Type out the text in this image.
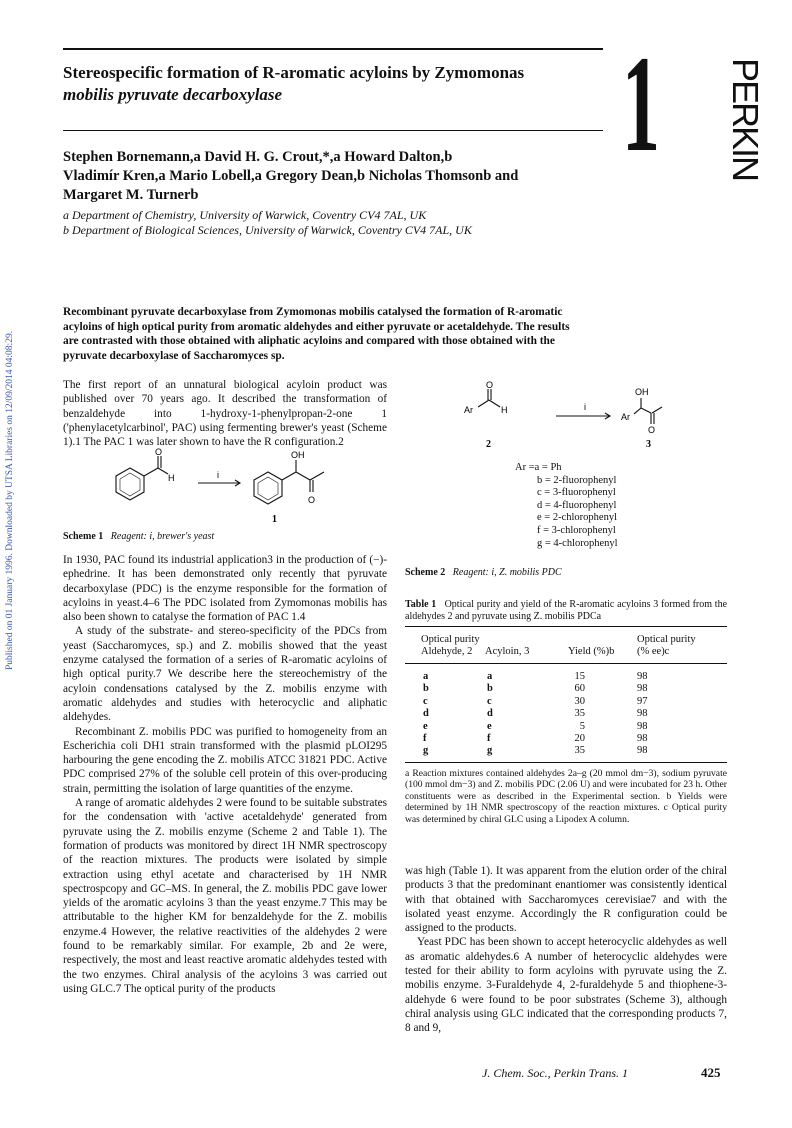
Published on 01 January 1996. Downloaded by UTSA Libraries on 12/09/2014 04:08:29.
Stereospecific formation of R-aromatic acyloins by Zymomonas
mobilis pyruvate decarboxylase	1 PERKIN
Stephen Bornemann,a David H. G. Crout,*,a Howard Dalton,b
Vladimír Kren,a Mario Lobell,a Gregory Dean,b Nicholas Thomsonb and
Margaret M. Turnerb
a Department of Chemistry, University of Warwick, Coventry CV4 7AL, UK
b Department of Biological Sciences, University of Warwick, Coventry CV4 7AL, UK
Recombinant pyruvate decarboxylase from Zymomonas mobilis catalysed the formation of R-aromatic
acyloins of high optical purity from aromatic aldehydes and either pyruvate or acetaldehyde. The results
are contrasted with those obtained with aliphatic acyloins and compared with those obtained with the
pyruvate decarboxylase of Saccharomyces sp.

The first report of an unnatural biological acyloin product was published over 70 years ago. It described the transformation of benzaldehyde into 1-hydroxy-1-phenylpropan-2-one 1 ('phenylacetylcarbinol', PAC) using fermenting brewer's yeast (Scheme 1).1 The PAC 1 was later shown to have the R configuration.2

O
H	i
OH
O
1
Scheme 1 Reagent: i, brewer's yeast

In 1930, PAC found its industrial application3 in the production of (−)-ephedrine. It has been demonstrated only recently that pyruvate decarboxylase (PDC) is the enzyme responsible for the formation of acyloins in yeast.4–6 The PDC isolated from Zymomonas mobilis has also been shown to catalyse the formation of PAC 1.4

A study of the substrate- and stereo-specificity of the PDCs from yeast (Saccharomyces, sp.) and Z. mobilis showed that the yeast enzyme catalysed the formation of a series of R-aromatic acyloins of high optical purity.7 We describe here the stereochemistry of the acyloin condensations catalysed by the Z. mobilis enzyme with aromatic aldehydes and studies with heterocyclic and aliphatic aldehydes.

Recombinant Z. mobilis PDC was purified to homogeneity from an Escherichia coli DH1 strain transformed with the plasmid pLOI295 harbouring the gene encoding the Z. mobilis ATCC 31821 PDC. Active PDC comprised 27% of the soluble cell protein of this over-producing strain, permitting the isolation of large quantities of the enzyme.

A range of aromatic aldehydes 2 were found to be suitable substrates for the condensation with 'active acetaldehyde' generated from pyruvate using the Z. mobilis enzyme (Scheme 2 and Table 1). The formation of products was monitored by direct 1H NMR spectroscopy of the reaction mixtures. The products were isolated by simple extraction using ethyl acetate and characterised by 1H NMR spectrospcopy and GC–MS. In general, the Z. mobilis PDC gave lower yields of the aromatic acyloins 3 than the yeast enzyme.7 This may be attributable to the higher KM for benzaldehyde for the Z. mobilis enzyme.4 However, the relative reactivities of the aldehydes 2 were found to be remarkably similar. For example, 2b and 2e were, respectively, the most and least reactive aromatic aldehydes tested with the two enzymes. Chiral analysis of the acyloins 3 was carried out using GLC.7 The optical purity of the products

O
Ar	H	i
OH
Ar
O
2	3
Ar =a = Ph
b = 2-fluorophenyl
c = 3-fluorophenyl
d = 4-fluorophenyl
e = 2-chlorophenyl
f = 3-chlorophenyl
g = 4-chlorophenyl
Scheme 2 Reagent: i, Z. mobilis PDC
Table 1 Optical purity and yield of the R-aromatic acyloins 3 formed from the aldehydes 2 and pyruvate using Z. mobilis PDCa
Optical purity
Aldehyde, 2 Acyloin, 3	Yield (%)b
Optical purity
(% ee)c
a	a	15	98
b	b	60	98
c	c	30	97
d	d	35	98
e	e	5	98
f	f	20	98
g	g	35	98
a Reaction mixtures contained aldehydes 2a–g (20 mmol dm−3), sodium pyruvate (100 mmol dm−3) and Z. mobilis PDC (2.06 U) and were incubated for 23 h. Other constituents were as described in the Experimental section. b Yields were determined by 1H NMR spectroscopy of the reaction mixtures. c Optical purity was determined by chiral GLC using a Lipodex A column.

was high (Table 1). It was apparent from the elution order of the chiral products 3 that the predominant enantiomer was consistently identical with that obtained with Saccharomyces cerevisiae7 and with the isolated yeast enzyme. Accordingly the R configuration could be assigned to the products.

Yeast PDC has been shown to accept heterocyclic aldehydes as well as aromatic aldehydes.6 A number of heterocyclic aldehydes were tested for their ability to form acyloins with pyruvate using the Z. mobilis enzyme. 3-Furaldehyde 4, 2-furaldehyde 5 and thiophene-3-aldehyde 6 were found to be poor substrates (Scheme 3), although chiral analysis using GLC indicated that the corresponding products 7, 8 and 9,

J. Chem. Soc., Perkin Trans. 1	425
